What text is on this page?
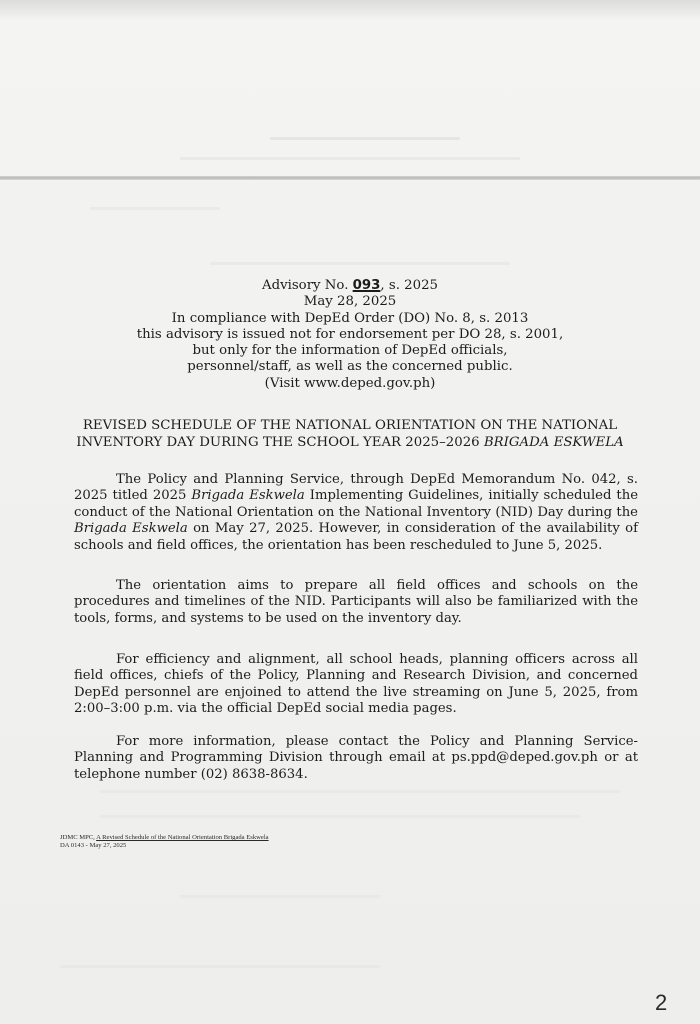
Advisory No. 093, s. 2025
May 28, 2025
In compliance with DepEd Order (DO) No. 8, s. 2013
this advisory is issued not for endorsement per DO 28, s. 2001,
but only for the information of DepEd officials,
personnel/staff, as well as the concerned public.
(Visit www.deped.gov.ph)
REVISED SCHEDULE OF THE NATIONAL ORIENTATION ON THE NATIONAL
INVENTORY DAY DURING THE SCHOOL YEAR 2025–2026 BRIGADA ESKWELA

The Policy and Planning Service, through DepEd Memorandum No. 042, s. 2025 titled 2025 Brigada Eskwela Implementing Guidelines, initially scheduled the conduct of the National Orientation on the National Inventory (NID) Day during the Brigada Eskwela on May 27, 2025. However, in consideration of the availability of schools and field offices, the orientation has been rescheduled to June 5, 2025.

The orientation aims to prepare all field offices and schools on the procedures and timelines of the NID. Participants will also be familiarized with the tools, forms, and systems to be used on the inventory day.

For efficiency and alignment, all school heads, planning officers across all field offices, chiefs of the Policy, Planning and Research Division, and concerned DepEd personnel are enjoined to attend the live streaming on June 5, 2025, from 2:00–3:00 p.m. via the official DepEd social media pages.

For more information, please contact the Policy and Planning Service-Planning and Programming Division through email at ps.ppd@deped.gov.ph or at telephone number (02) 8638-8634.

JDMC MPC, A Revised Schedule of the National Orientation Brigada Eskwela
DA 0143 - May 27, 2025
2
